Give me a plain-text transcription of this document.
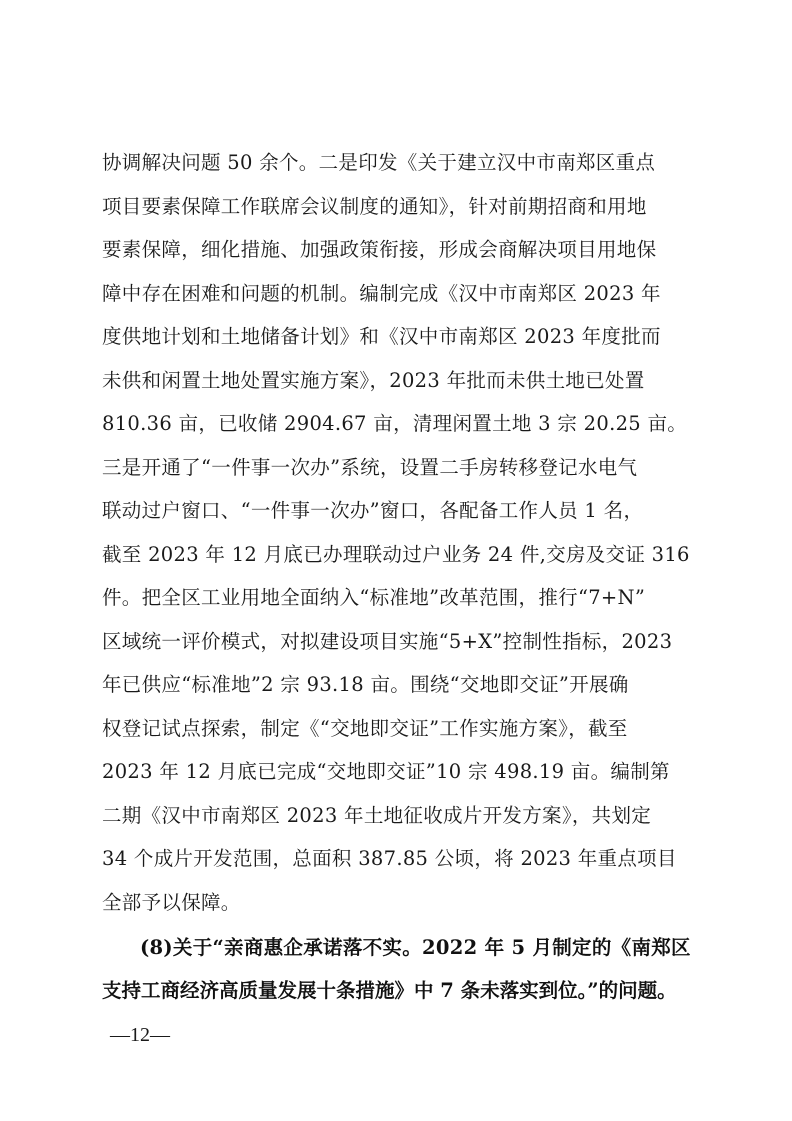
协调解决问题 50 余个。二是印发《关于建立汉中市南郑区重点
项目要素保障工作联席会议制度的通知》，针对前期招商和用地
要素保障，细化措施、加强政策衔接，形成会商解决项目用地保
障中存在困难和问题的机制。编制完成《汉中市南郑区 2023 年
度供地计划和土地储备计划》和《汉中市南郑区 2023 年度批而
未供和闲置土地处置实施方案》，2023 年批而未供土地已处置
810.36 亩，已收储 2904.67 亩，清理闲置土地 3 宗 20.25 亩。
三是开通了“一件事一次办”系统，设置二手房转移登记水电气
联动过户窗口、“一件事一次办”窗口，各配备工作人员 1 名，
截至 2023 年 12 月底已办理联动过户业务 24 件,交房及交证 316
件。把全区工业用地全面纳入“标准地”改革范围，推行“7+N”
区域统一评价模式，对拟建设项目实施“5+X”控制性指标，2023
年已供应“标准地”2 宗 93.18 亩。围绕“交地即交证”开展确
权登记试点探索，制定《“交地即交证”工作实施方案》，截至
2023 年 12 月底已完成“交地即交证”10 宗 498.19 亩。编制第
二期《汉中市南郑区 2023 年土地征收成片开发方案》，共划定
34 个成片开发范围，总面积 387.85 公顷，将 2023 年重点项目
全部予以保障。
(8)关于“亲商惠企承诺落不实。2022 年 5 月制定的《南郑区
支持工商经济高质量发展十条措施》中 7 条未落实到位。”的问题。
—12—
